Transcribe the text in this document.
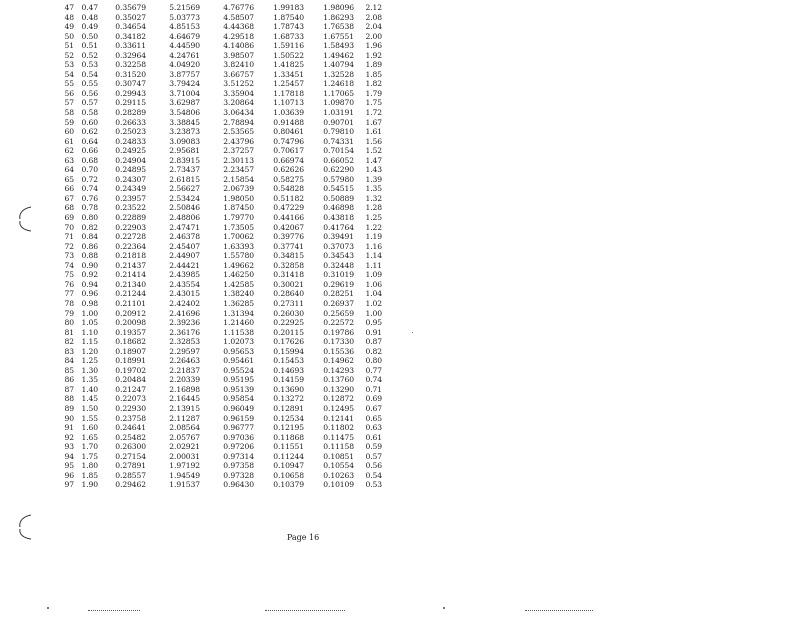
47	0.47	0.35679	5.21569	4.76776	1.99183	1.98096	2.12
48	0.48	0.35027	5.03773	4.58507	1.87540	1.86293	2.08
49	0.49	0.34654	4.85153	4.44368	1.78743	1.76538	2.04
50	0.50	0.34182	4.64679	4.29518	1.68733	1.67551	2.00
51	0.51	0.33611	4.44590	4.14086	1.59116	1.58493	1.96
52	0.52	0.32964	4.24761	3.98507	1.50522	1.49462	1.92
53	0.53	0.32258	4.04920	3.82410	1.41825	1.40794	1.89
54	0.54	0.31520	3.87757	3.66757	1.33451	1.32528	1.85
55	0.55	0.30747	3.79424	3.51252	1.25457	1.24618	1.82
56	0.56	0.29943	3.71004	3.35904	1.17818	1.17065	1.79
57	0.57	0.29115	3.62987	3.20864	1.10713	1.09870	1.75
58	0.58	0.28289	3.54806	3.06434	1.03639	1.03191	1.72
59	0.60	0.26633	3.38845	2.78894	0.91488	0.90701	1.67
60	0.62	0.25023	3.23873	2.53565	0.80461	0.79810	1.61
61	0.64	0.24833	3.09083	2.43796	0.74796	0.74331	1.56
62	0.66	0.24925	2.95681	2.37257	0.70617	0.70154	1.52
63	0.68	0.24904	2.83915	2.30113	0.66974	0.66052	1.47
64	0.70	0.24895	2.73437	2.23457	0.62626	0.62290	1.43
65	0.72	0.24307	2.61815	2.15854	0.58275	0.57980	1.39
66	0.74	0.24349	2.56627	2.06739	0.54828	0.54515	1.35
67	0.76	0.23957	2.53424	1.98050	0.51182	0.50889	1.32
68	0.78	0.23522	2.50846	1.87450	0.47229	0.46898	1.28
69	0.80	0.22889	2.48806	1.79770	0.44166	0.43818	1.25
70	0.82	0.22903	2.47471	1.73505	0.42067	0.41764	1.22
71	0.84	0.22728	2.46378	1.70062	0.39776	0.39491	1.19
72	0.86	0.22364	2.45407	1.63393	0.37741	0.37073	1.16
73	0.88	0.21818	2.44907	1.55780	0.34815	0.34543	1.14
74	0.90	0.21437	2.44421	1.49662	0.32858	0.32448	1.11
75	0.92	0.21414	2.43985	1.46250	0.31418	0.31019	1.09
76	0.94	0.21340	2.43554	1.42585	0.30021	0.29619	1.06
77	0.96	0.21244	2.43015	1.38240	0.28640	0.28251	1.04
78	0.98	0.21101	2.42402	1.36285	0.27311	0.26937	1.02
79	1.00	0.20912	2.41696	1.31394	0.26030	0.25659	1.00
80	1.05	0.20098	2.39236	1.21460	0.22925	0.22572	0.95
81	1.10	0.19357	2.36176	1.11538	0.20115	0.19786	0.91
82	1.15	0.18682	2.32853	1.02073	0.17626	0.17330	0.87
83	1.20	0.18907	2.29597	0.95653	0.15994	0.15536	0.82
84	1.25	0.18991	2.26463	0.95461	0.15453	0.14962	0.80
85	1.30	0.19702	2.21837	0.95524	0.14693	0.14293	0.77
86	1.35	0.20484	2.20339	0.95195	0.14159	0.13760	0.74
87	1.40	0.21247	2.16898	0.95139	0.13690	0.13290	0.71
88	1.45	0.22073	2.16445	0.95854	0.13272	0.12872	0.69
89	1.50	0.22930	2.13915	0.96049	0.12891	0.12495	0.67
90	1.55	0.23758	2.11287	0.96159	0.12534	0.12141	0.65
91	1.60	0.24641	2.08564	0.96777	0.12195	0.11802	0.63
92	1.65	0.25482	2.05767	0.97036	0.11868	0.11475	0.61
93	1.70	0.26300	2.02921	0.97206	0.11551	0.11158	0.59
94	1.75	0.27154	2.00031	0.97314	0.11244	0.10851	0.57
95	1.80	0.27891	1.97192	0.97358	0.10947	0.10554	0.56
96	1.85	0.28557	1.94549	0.97328	0.10658	0.10263	0.54
97	1.90	0.29462	1.91537	0.96430	0.10379	0.10109	0.53
Page 16
